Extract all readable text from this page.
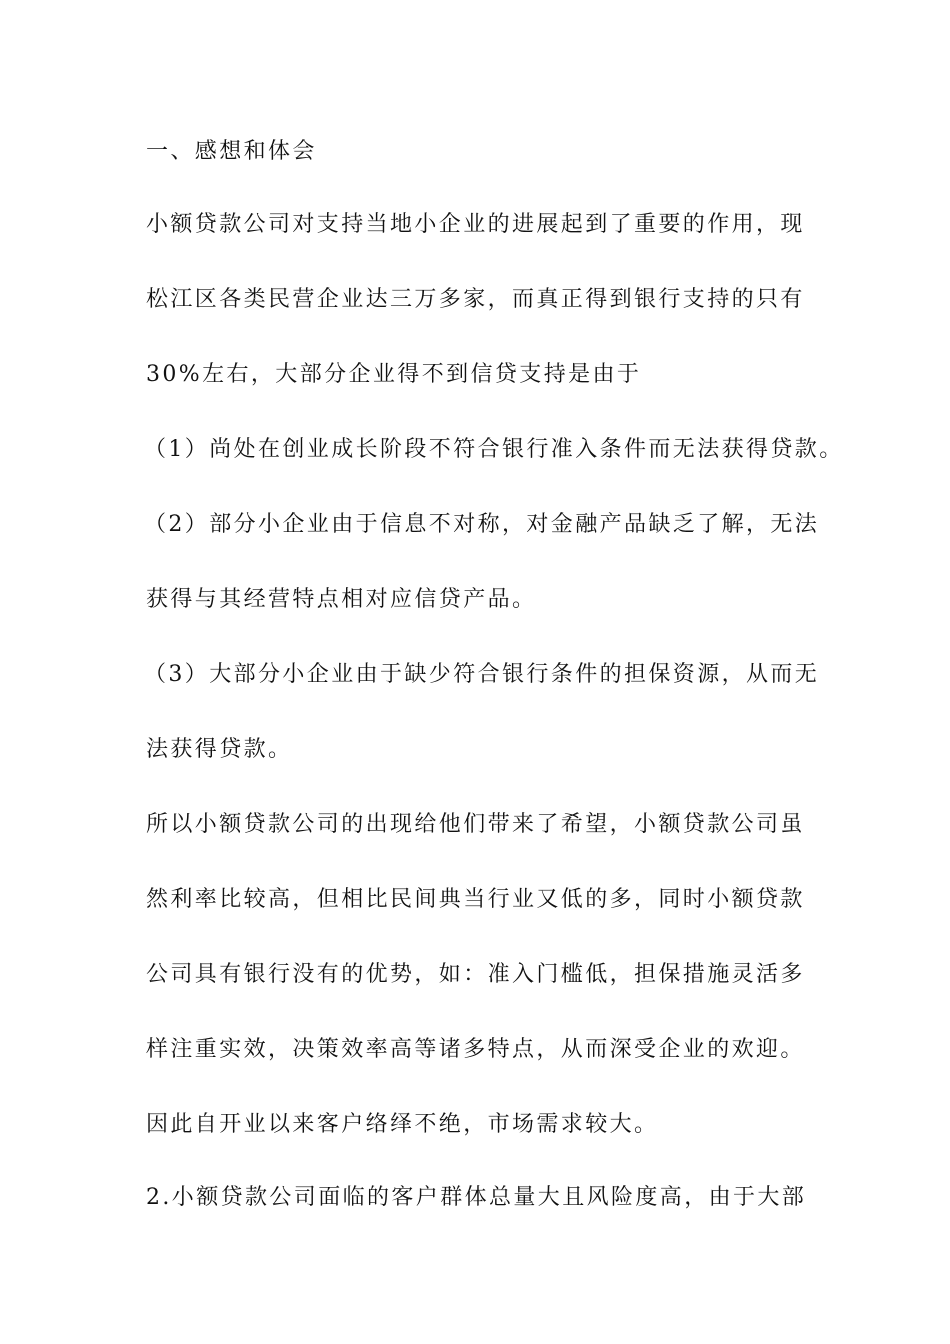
一、感想和体会
小额贷款公司对支持当地小企业的进展起到了重要的作用，现
松江区各类民营企业达三万多家，而真正得到银行支持的只有
30%左右，大部分企业得不到信贷支持是由于
（1）尚处在创业成长阶段不符合银行准入条件而无法获得贷款。
（2）部分小企业由于信息不对称，对金融产品缺乏了解，无法
获得与其经营特点相对应信贷产品。
（3）大部分小企业由于缺少符合银行条件的担保资源，从而无
法获得贷款。
所以小额贷款公司的出现给他们带来了希望，小额贷款公司虽
然利率比较高，但相比民间典当行业又低的多，同时小额贷款
公司具有银行没有的优势，如：准入门槛低，担保措施灵活多
样注重实效，决策效率高等诸多特点，从而深受企业的欢迎。
因此自开业以来客户络绎不绝，市场需求较大。
2.小额贷款公司面临的客户群体总量大且风险度高，由于大部
